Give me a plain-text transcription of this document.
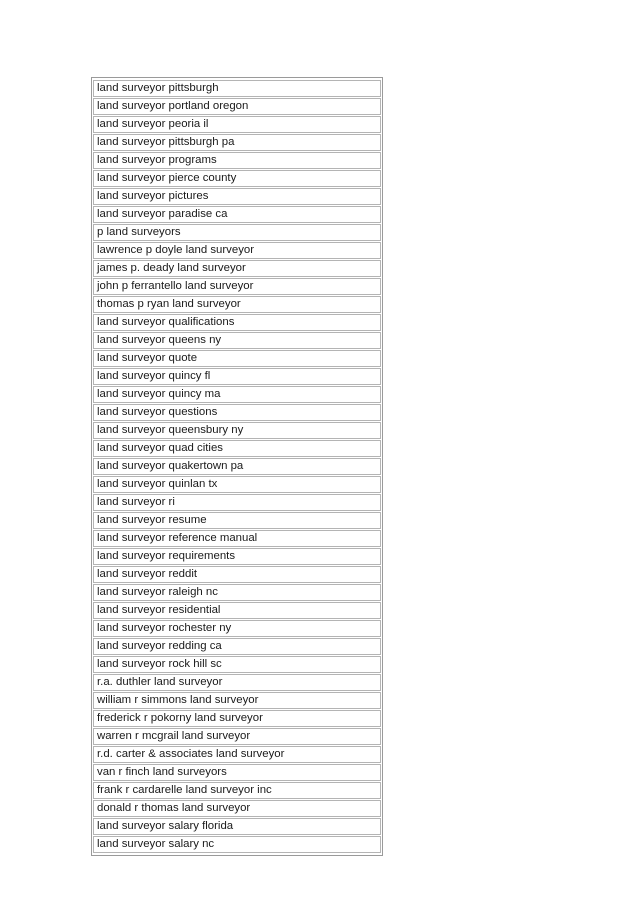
land surveyor pittsburgh
land surveyor portland oregon
land surveyor peoria il
land surveyor pittsburgh pa
land surveyor programs
land surveyor pierce county
land surveyor pictures
land surveyor paradise ca
p land surveyors
lawrence p doyle land surveyor
james p. deady land surveyor
john p ferrantello land surveyor
thomas p ryan land surveyor
land surveyor qualifications
land surveyor queens ny
land surveyor quote
land surveyor quincy fl
land surveyor quincy ma
land surveyor questions
land surveyor queensbury ny
land surveyor quad cities
land surveyor quakertown pa
land surveyor quinlan tx
land surveyor ri
land surveyor resume
land surveyor reference manual
land surveyor requirements
land surveyor reddit
land surveyor raleigh nc
land surveyor residential
land surveyor rochester ny
land surveyor redding ca
land surveyor rock hill sc
r.a. duthler land surveyor
william r simmons land surveyor
frederick r pokorny land surveyor
warren r mcgrail land surveyor
r.d. carter & associates land surveyor
van r finch land surveyors
frank r cardarelle land surveyor inc
donald r thomas land surveyor
land surveyor salary florida
land surveyor salary nc
